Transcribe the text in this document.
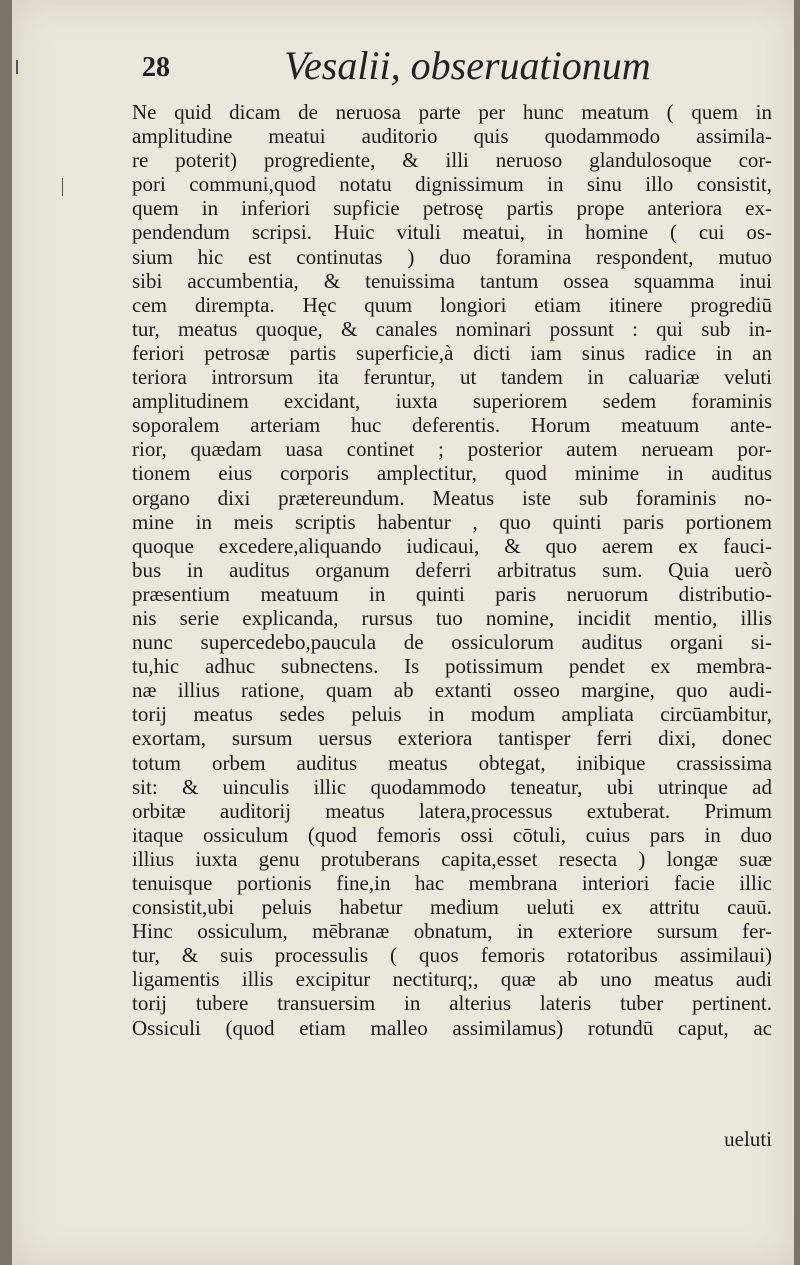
28	Vesalii, obseruationum
Ne quid dicam de neruosa parte per hunc meatum ( quem in
amplitudine meatui auditorio quis quodammodo assimila-
re poterit) progrediente, & illi neruoso glandulosoque cor-
pori communi,quod notatu dignissimum in sinu illo consistit,
quem in inferiori supficie petrosę partis prope anteriora ex-
pendendum scripsi. Huic vituli meatui, in homine ( cui os-
sium hic est continutas ) duo foramina respondent, mutuo
sibi accumbentia, & tenuissima tantum ossea squamma inui
cem dirempta. Hęc quum longiori etiam itinere progrediū
tur, meatus quoque, & canales nominari possunt : qui sub in-
feriori petrosæ partis superficie,à dicti iam sinus radice in an
teriora introrsum ita feruntur, ut tandem in caluariæ veluti
amplitudinem excidant, iuxta superiorem sedem foraminis
soporalem arteriam huc deferentis. Horum meatuum ante-
rior, quædam uasa continet ; posterior autem nerueam por-
tionem eius corporis amplectitur, quod minime in auditus
organo dixi prætereundum. Meatus iste sub foraminis no-
mine in meis scriptis habentur , quo quinti paris portionem
quoque excedere,aliquando iudicaui, & quo aerem ex fauci-
bus in auditus organum deferri arbitratus sum. Quia uerò
præsentium meatuum in quinti paris neruorum distributio-
nis serie explicanda, rursus tuo nomine, incidit mentio, illis
nunc supercedebo,paucula de ossiculorum auditus organi si-
tu,hic adhuc subnectens. Is potissimum pendet ex membra-
næ illius ratione, quam ab extanti osseo margine, quo audi-
torij meatus sedes peluis in modum ampliata circūambitur,
exortam, sursum uersus exteriora tantisper ferri dixi, donec
totum orbem auditus meatus obtegat, inibique crassissima
sit: & uinculis illic quodammodo teneatur, ubi utrinque ad
orbitæ auditorij meatus latera,processus extuberat. Primum
itaque ossiculum (quod femoris ossi cōtuli, cuius pars in duo
illius iuxta genu protuberans capita,esset resecta ) longæ suæ
tenuisque portionis fine,in hac membrana interiori facie illic
consistit,ubi peluis habetur medium ueluti ex attritu cauū.
Hinc ossiculum, mēbranæ obnatum, in exteriore sursum fer-
tur, & suis processulis ( quos femoris rotatoribus assimilaui)
ligamentis illis excipitur nectiturq;, quæ ab uno meatus audi
torij tubere transuersim in alterius lateris tuber pertinent.
Ossiculi (quod etiam malleo assimilamus) rotundū caput, ac
ueluti
